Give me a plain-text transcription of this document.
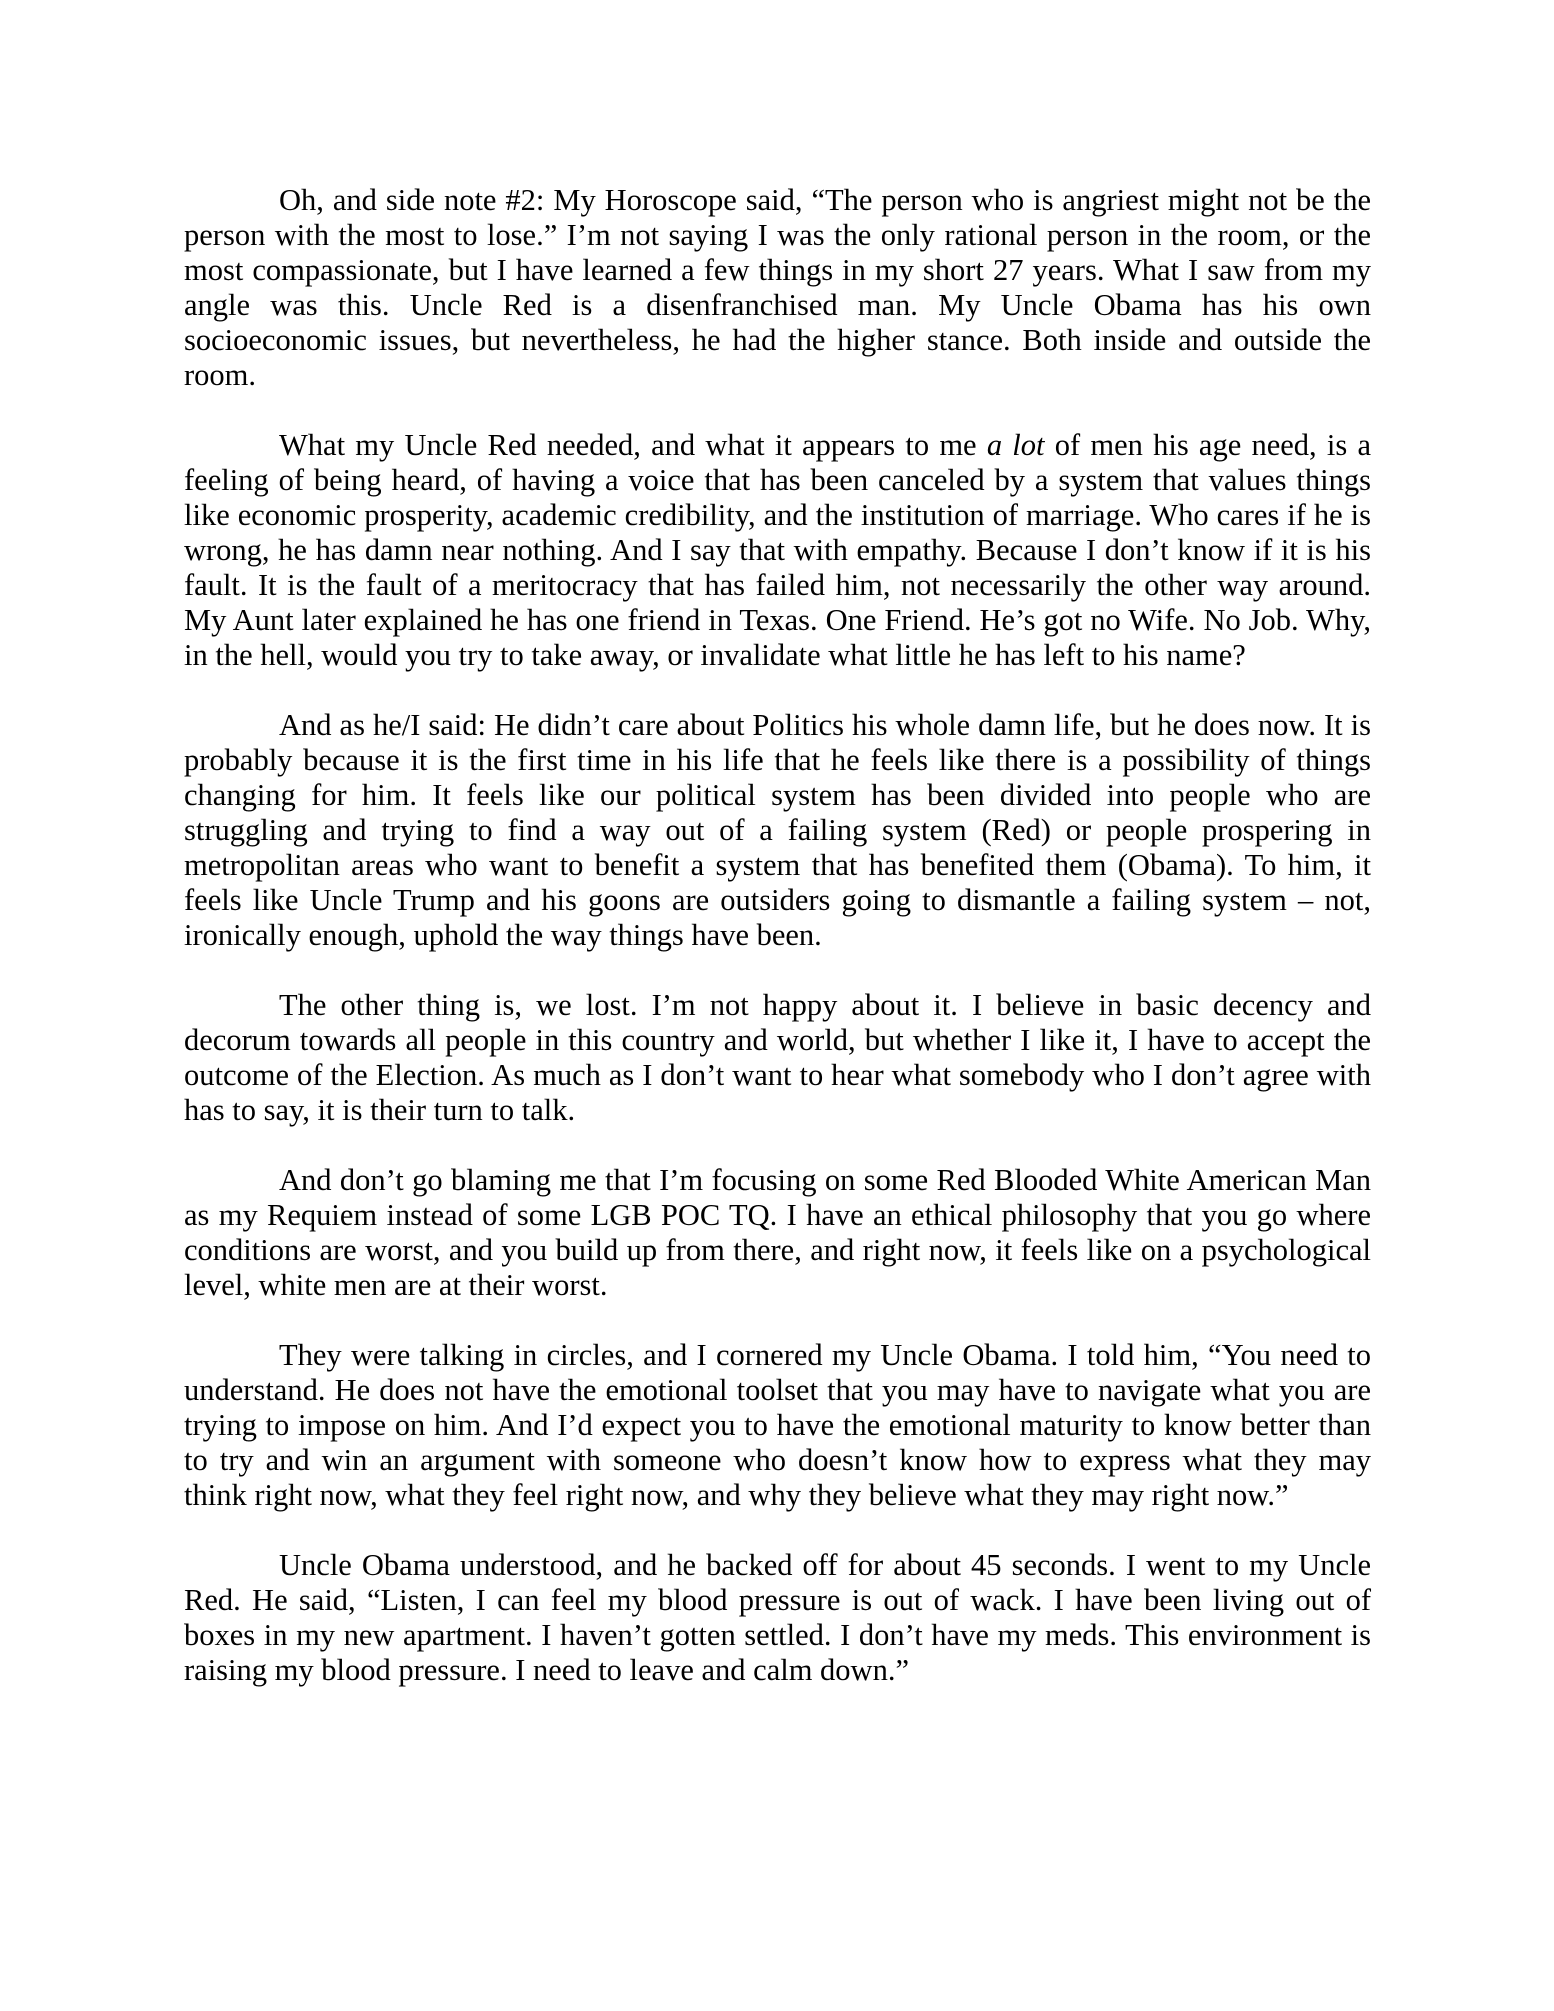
Oh, and side note #2: My Horoscope said, “The person who is angriest might not be the person with the most to lose.” I’m not saying I was the only rational person in the room, or the most compassionate, but I have learned a few things in my short 27 years. What I saw from my angle was this. Uncle Red is a disenfranchised man. My Uncle Obama has his own socioeconomic issues, but nevertheless, he had the higher stance. Both inside and outside the room.

What my Uncle Red needed, and what it appears to me a lot of men his age need, is a feeling of being heard, of having a voice that has been canceled by a system that values things like economic prosperity, academic credibility, and the institution of marriage. Who cares if he is wrong, he has damn near nothing. And I say that with empathy. Because I don’t know if it is his fault. It is the fault of a meritocracy that has failed him, not necessarily the other way around. My Aunt later explained he has one friend in Texas. One Friend. He’s got no Wife. No Job. Why, in the hell, would you try to take away, or invalidate what little he has left to his name?

And as he/I said: He didn’t care about Politics his whole damn life, but he does now. It is probably because it is the first time in his life that he feels like there is a possibility of things changing for him. It feels like our political system has been divided into people who are struggling and trying to find a way out of a failing system (Red) or people prospering in metropolitan areas who want to benefit a system that has benefited them (Obama). To him, it feels like Uncle Trump and his goons are outsiders going to dismantle a failing system – not, ironically enough, uphold the way things have been.

The other thing is, we lost. I’m not happy about it. I believe in basic decency and decorum towards all people in this country and world, but whether I like it, I have to accept the outcome of the Election. As much as I don’t want to hear what somebody who I don’t agree with has to say, it is their turn to talk.

And don’t go blaming me that I’m focusing on some Red Blooded White American Man as my Requiem instead of some LGB POC TQ. I have an ethical philosophy that you go where conditions are worst, and you build up from there, and right now, it feels like on a psychological level, white men are at their worst.

They were talking in circles, and I cornered my Uncle Obama. I told him, “You need to understand. He does not have the emotional toolset that you may have to navigate what you are trying to impose on him. And I’d expect you to have the emotional maturity to know better than to try and win an argument with someone who doesn’t know how to express what they may think right now, what they feel right now, and why they believe what they may right now.”

Uncle Obama understood, and he backed off for about 45 seconds. I went to my Uncle Red. He said, “Listen, I can feel my blood pressure is out of wack. I have been living out of boxes in my new apartment. I haven’t gotten settled. I don’t have my meds. This environment is raising my blood pressure. I need to leave and calm down.”
